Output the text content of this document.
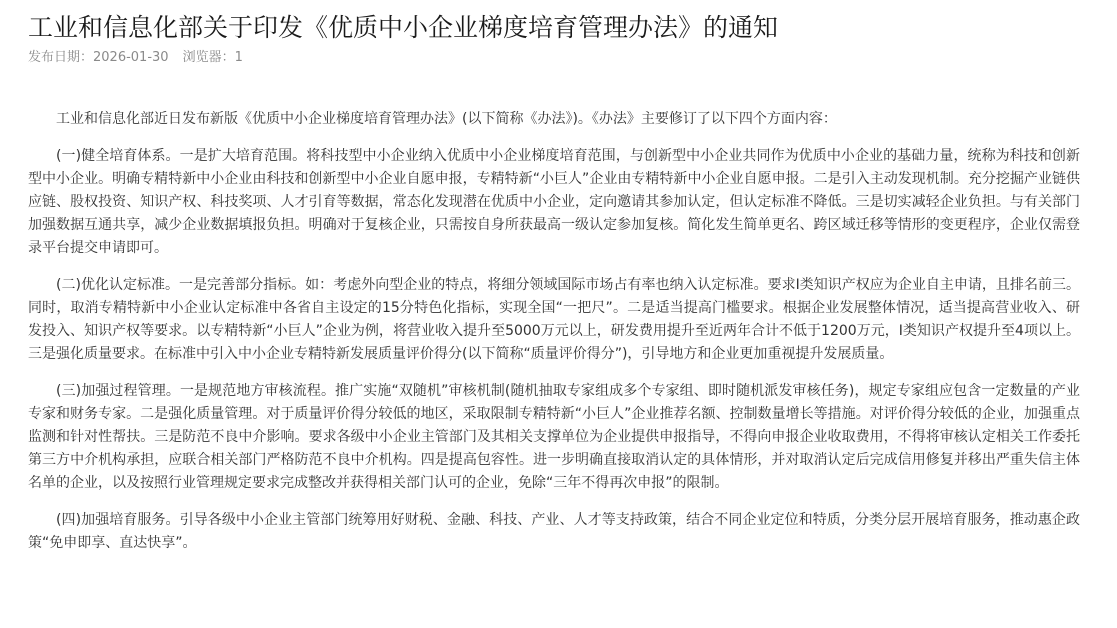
工业和信息化部关于印发《优质中小企业梯度培育管理办法》的通知
发布日期：2026-01-30 浏览器：1

工业和信息化部近日发布新版《优质中小企业梯度培育管理办法》(以下简称《办法》)。《办法》主要修订了以下四个方面内容：

(一)健全培育体系。一是扩大培育范围。将科技型中小企业纳入优质中小企业梯度培育范围，与创新型中小企业共同作为优质中小企业的基础力量，统称为科技和创新型中小企业。明确专精特新中小企业由科技和创新型中小企业自愿申报，专精特新“小巨人”企业由专精特新中小企业自愿申报。二是引入主动发现机制。充分挖掘产业链供应链、股权投资、知识产权、科技奖项、人才引育等数据，常态化发现潜在优质中小企业，定向邀请其参加认定，但认定标准不降低。三是切实减轻企业负担。与有关部门加强数据互通共享，减少企业数据填报负担。明确对于复核企业，只需按自身所获最高一级认定参加复核。简化发生简单更名、跨区域迁移等情形的变更程序，企业仅需登录平台提交申请即可。

(二)优化认定标准。一是完善部分指标。如：考虑外向型企业的特点，将细分领域国际市场占有率也纳入认定标准。要求I类知识产权应为企业自主申请，且排名前三。同时，取消专精特新中小企业认定标准中各省自主设定的15分特色化指标，实现全国“一把尺”。二是适当提高门槛要求。根据企业发展整体情况，适当提高营业收入、研发投入、知识产权等要求。以专精特新“小巨人”企业为例，将营业收入提升至5000万元以上，研发费用提升至近两年合计不低于1200万元，I类知识产权提升至4项以上。三是强化质量要求。在标准中引入中小企业专精特新发展质量评价得分(以下简称“质量评价得分”)，引导地方和企业更加重视提升发展质量。

(三)加强过程管理。一是规范地方审核流程。推广实施“双随机”审核机制(随机抽取专家组成多个专家组、即时随机派发审核任务)，规定专家组应包含一定数量的产业专家和财务专家。二是强化质量管理。对于质量评价得分较低的地区，采取限制专精特新“小巨人”企业推荐名额、控制数量增长等措施。对评价得分较低的企业，加强重点监测和针对性帮扶。三是防范不良中介影响。要求各级中小企业主管部门及其相关支撑单位为企业提供申报指导，不得向申报企业收取费用，不得将审核认定相关工作委托第三方中介机构承担，应联合相关部门严格防范不良中介机构。四是提高包容性。进一步明确直接取消认定的具体情形，并对取消认定后完成信用修复并移出严重失信主体名单的企业，以及按照行业管理规定要求完成整改并获得相关部门认可的企业，免除“三年不得再次申报”的限制。

(四)加强培育服务。引导各级中小企业主管部门统筹用好财税、金融、科技、产业、人才等支持政策，结合不同企业定位和特质，分类分层开展培育服务，推动惠企政策“免申即享、直达快享”。
